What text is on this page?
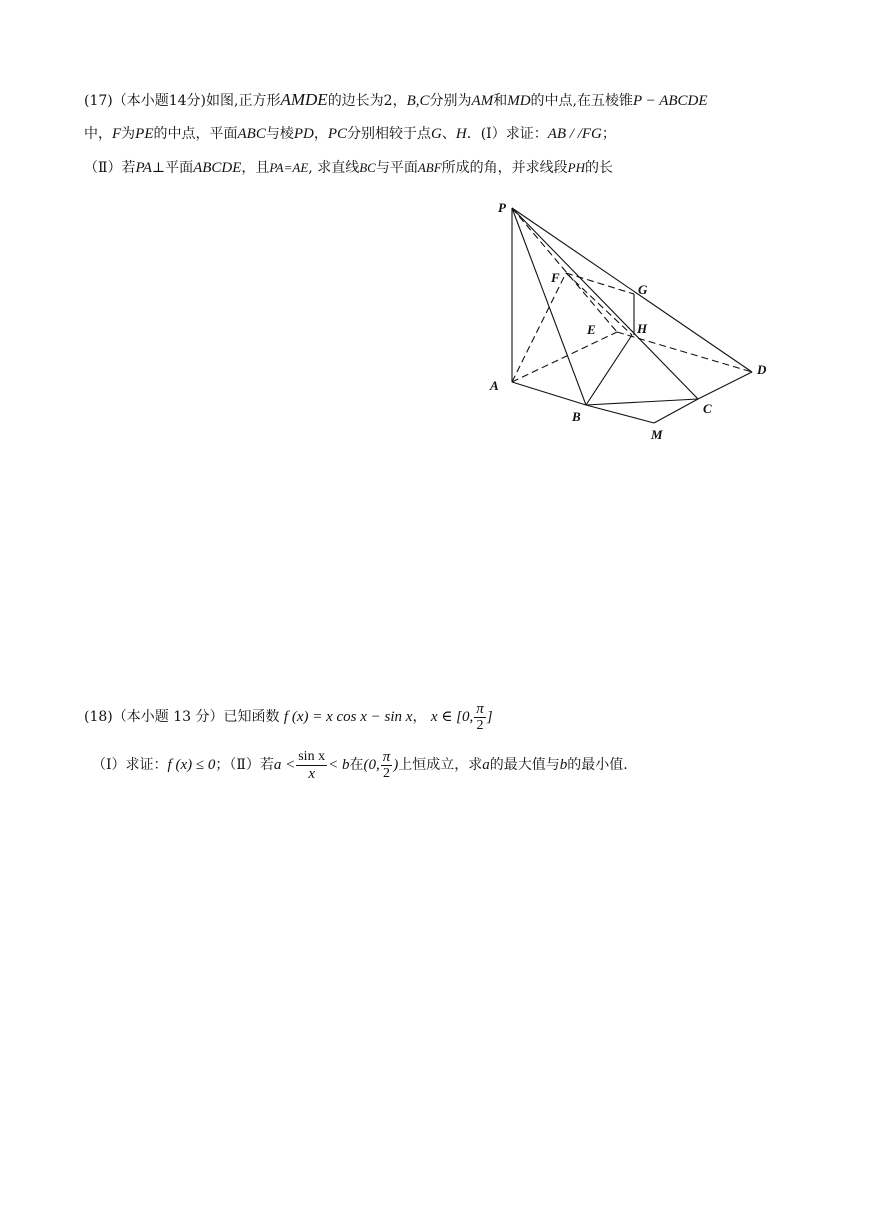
(17)（本小题14分)如图,正方形AMDE的边长为2，B,C分别为AM和MD的中点,在五棱锥P − ABCDE
中，F为PE的中点，平面ABC与棱PD，PC分别相较于点G、H．(Ⅰ）求证：AB / /FG；
（Ⅱ）若PA⊥平面ABCDE，且PA=AE, 求直线BC与平面ABF所成的角，并求线段PH的长
P
F
G
E	H
A
D
B
C
M
(18)（本小题 13 分）已知函数 f (x) = x cos x − sin x， x ∈ [0, $\frac{\pi}{2}$ ]
（Ⅰ）求证：f (x) ≤ 0；（Ⅱ）若$a < \frac{\text{sin x}}{x} < b$在(0, $\frac{\pi}{2}$ )上恒成立，求a的最大值与b的最小值.
